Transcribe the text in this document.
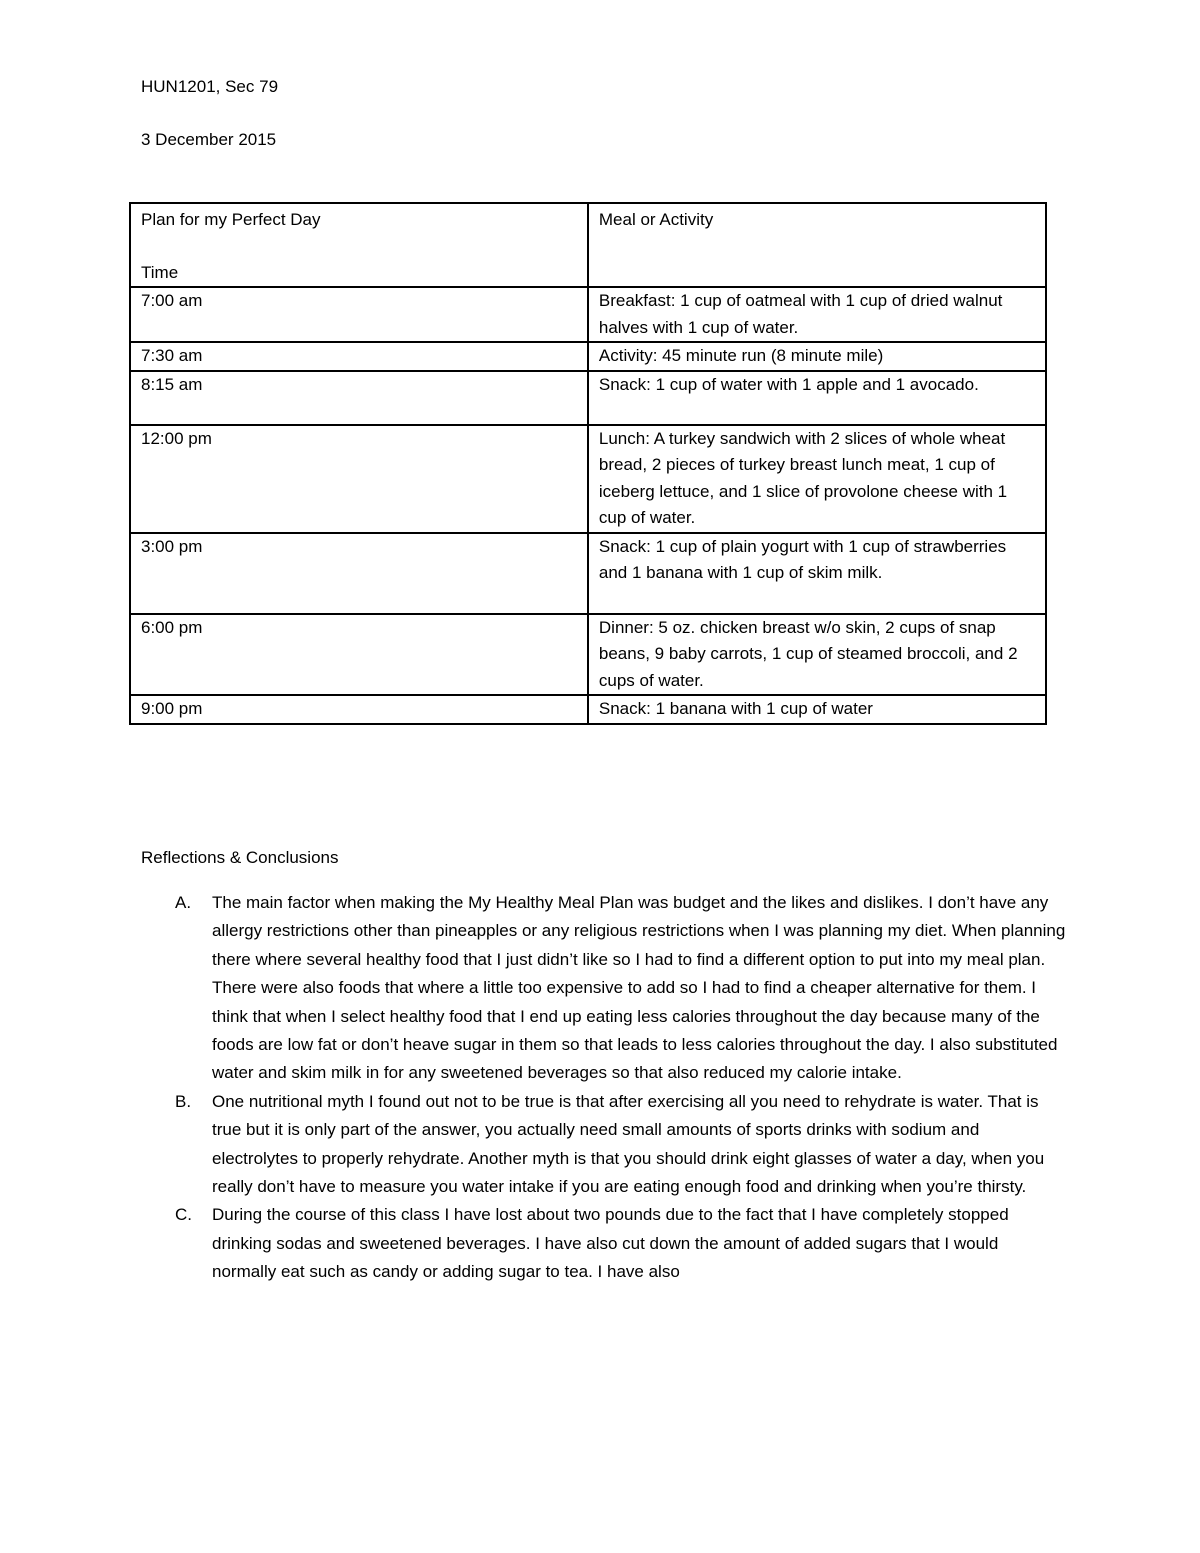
HUN1201, Sec 79
3 December 2015
Plan for my Perfect Day
Time	Meal or Activity
7:00 am	Breakfast: 1 cup of oatmeal with 1 cup of dried walnut halves with 1 cup of water.
7:30 am	Activity: 45 minute run (8 minute mile)
8:15 am	Snack: 1 cup of water with 1 apple and 1 avocado.
12:00 pm	Lunch: A turkey sandwich with 2 slices of whole wheat bread, 2 pieces of turkey breast lunch meat, 1 cup of iceberg lettuce, and 1 slice of provolone cheese with 1 cup of water.
3:00 pm	Snack: 1 cup of plain yogurt with 1 cup of strawberries and 1 banana with 1 cup of skim milk.
6:00 pm	Dinner: 5 oz. chicken breast w/o skin, 2 cups of snap beans, 9 baby carrots, 1 cup of steamed broccoli, and 2 cups of water.
9:00 pm	Snack: 1 banana with 1 cup of water
Reflections & Conclusions
A. The main factor when making the My Healthy Meal Plan was budget and the likes and dislikes. I don’t have any allergy restrictions other than pineapples or any religious restrictions when I was planning my diet. When planning there where several healthy food that I just didn’t like so I had to find a different option to put into my meal plan. There were also foods that where a little too expensive to add so I had to find a cheaper alternative for them. I think that when I select healthy food that I end up eating less calories throughout the day because many of the foods are low fat or don’t heave sugar in them so that leads to less calories throughout the day. I also substituted water and skim milk in for any sweetened beverages so that also reduced my calorie intake.
B. One nutritional myth I found out not to be true is that after exercising all you need to rehydrate is water. That is true but it is only part of the answer, you actually need small amounts of sports drinks with sodium and electrolytes to properly rehydrate. Another myth is that you should drink eight glasses of water a day, when you really don’t have to measure you water intake if you are eating enough food and drinking when you’re thirsty.
C. During the course of this class I have lost about two pounds due to the fact that I have completely stopped drinking sodas and sweetened beverages. I have also cut down the amount of added sugars that I would normally eat such as candy or adding sugar to tea. I have also
